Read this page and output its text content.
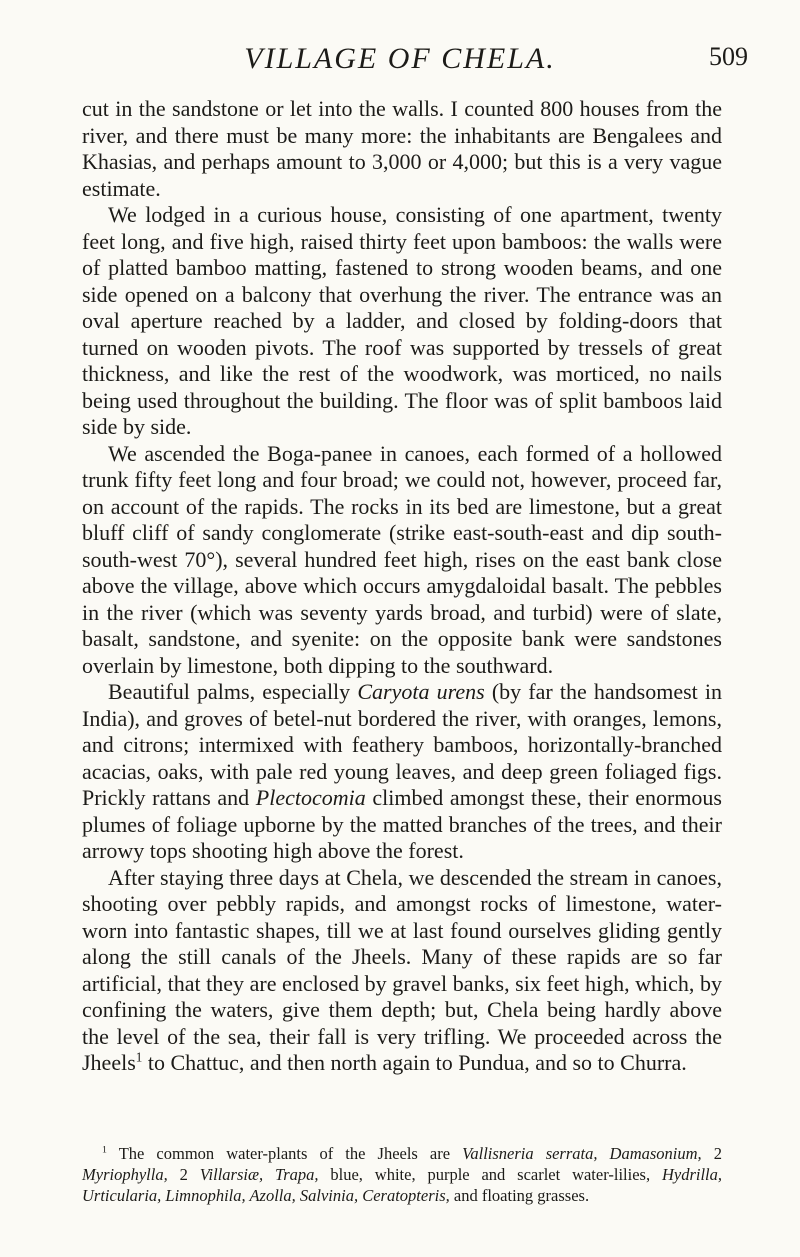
VILLAGE OF CHELA.	509

cut in the sandstone or let into the walls. I counted 800 houses from the river, and there must be many more: the inhabitants are Bengalees and Khasias, and perhaps amount to 3,000 or 4,000; but this is a very vague estimate.

We lodged in a curious house, consisting of one apartment, twenty feet long, and five high, raised thirty feet upon bamboos: the walls were of platted bamboo matting, fastened to strong wooden beams, and one side opened on a balcony that overhung the river. The entrance was an oval aperture reached by a ladder, and closed by folding-doors that turned on wooden pivots. The roof was supported by tressels of great thickness, and like the rest of the woodwork, was morticed, no nails being used throughout the building. The floor was of split bamboos laid side by side.

We ascended the Boga-panee in canoes, each formed of a hollowed trunk fifty feet long and four broad; we could not, however, proceed far, on account of the rapids. The rocks in its bed are limestone, but a great bluff cliff of sandy conglomerate (strike east-south-east and dip south-south-west 70°), several hundred feet high, rises on the east bank close above the village, above which occurs amygdaloidal basalt. The pebbles in the river (which was seventy yards broad, and turbid) were of slate, basalt, sandstone, and syenite: on the opposite bank were sandstones overlain by limestone, both dipping to the southward.

Beautiful palms, especially Caryota urens (by far the handsomest in India), and groves of betel-nut bordered the river, with oranges, lemons, and citrons; intermixed with feathery bamboos, horizontally-branched acacias, oaks, with pale red young leaves, and deep green foliaged figs. Prickly rattans and Plectocomia climbed amongst these, their enormous plumes of foliage upborne by the matted branches of the trees, and their arrowy tops shooting high above the forest.

After staying three days at Chela, we descended the stream in canoes, shooting over pebbly rapids, and amongst rocks of limestone, water-worn into fantastic shapes, till we at last found ourselves gliding gently along the still canals of the Jheels. Many of these rapids are so far artificial, that they are enclosed by gravel banks, six feet high, which, by confining the waters, give them depth; but, Chela being hardly above the level of the sea, their fall is very trifling. We proceeded across the Jheels$^1$ to Chattuc, and then north again to Pundua, and so to Churra.

$^1$ The common water-plants of the Jheels are Vallisneria serrata, Damasonium, 2 Myriophylla, 2 Villarsiæ, Trapa, blue, white, purple and scarlet water-lilies, Hydrilla, Urticularia, Limnophila, Azolla, Salvinia, Ceratopteris, and floating grasses.
